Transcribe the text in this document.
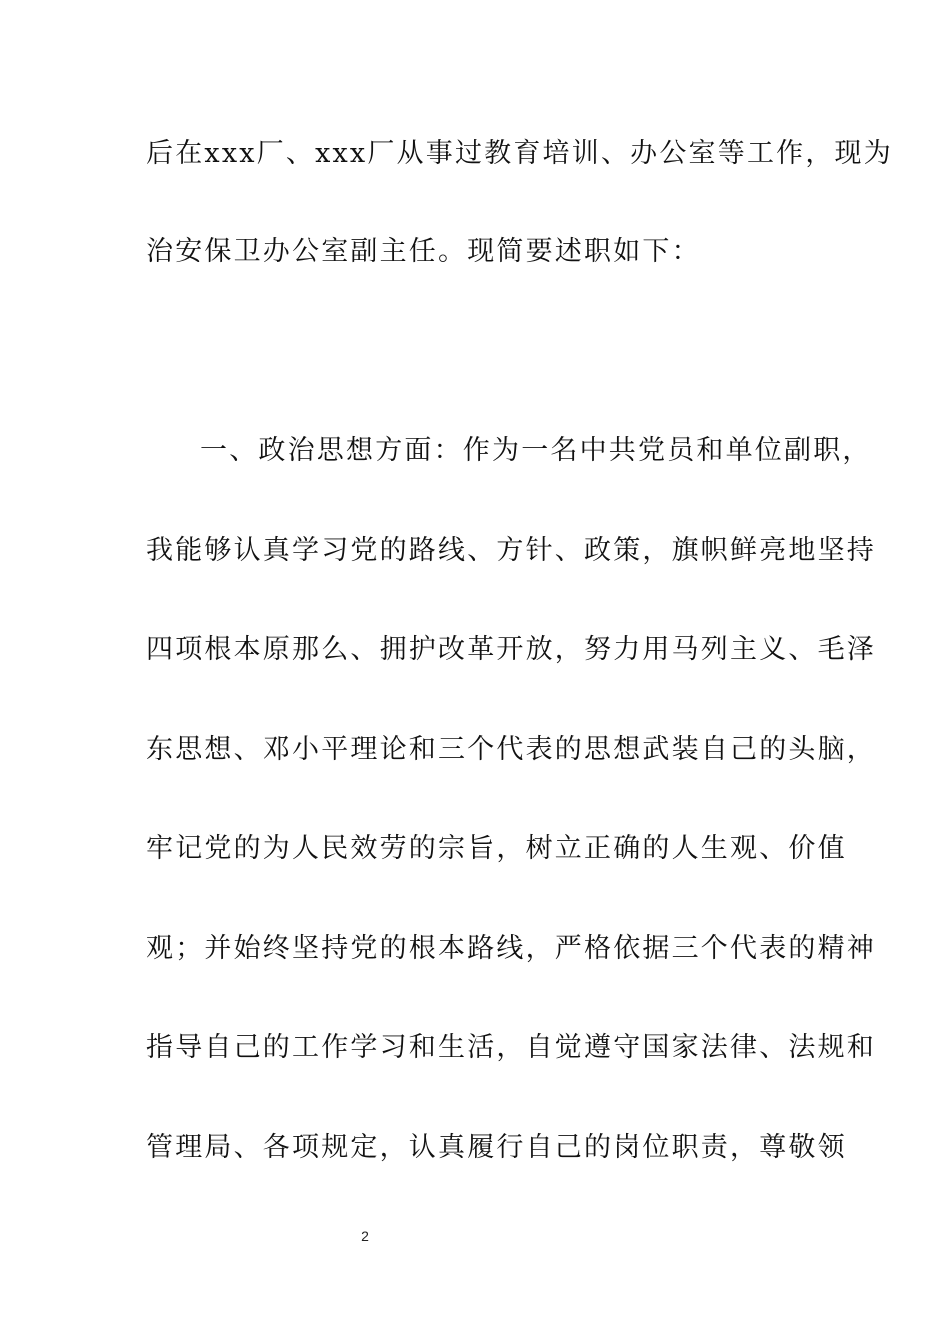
后在xxx厂、xxx厂从事过教育培训、办公室等工作，现为
治安保卫办公室副主任。现简要述职如下：
一、政治思想方面：作为一名中共党员和单位副职，
我能够认真学习党的路线、方针、政策，旗帜鲜亮地坚持
四项根本原那么、拥护改革开放，努力用马列主义、毛泽
东思想、邓小平理论和三个代表的思想武装自己的头脑，
牢记党的为人民效劳的宗旨，树立正确的人生观、价值
观；并始终坚持党的根本路线，严格依据三个代表的精神
指导自己的工作学习和生活，自觉遵守国家法律、法规和
管理局、各项规定，认真履行自己的岗位职责，尊敬领
2
